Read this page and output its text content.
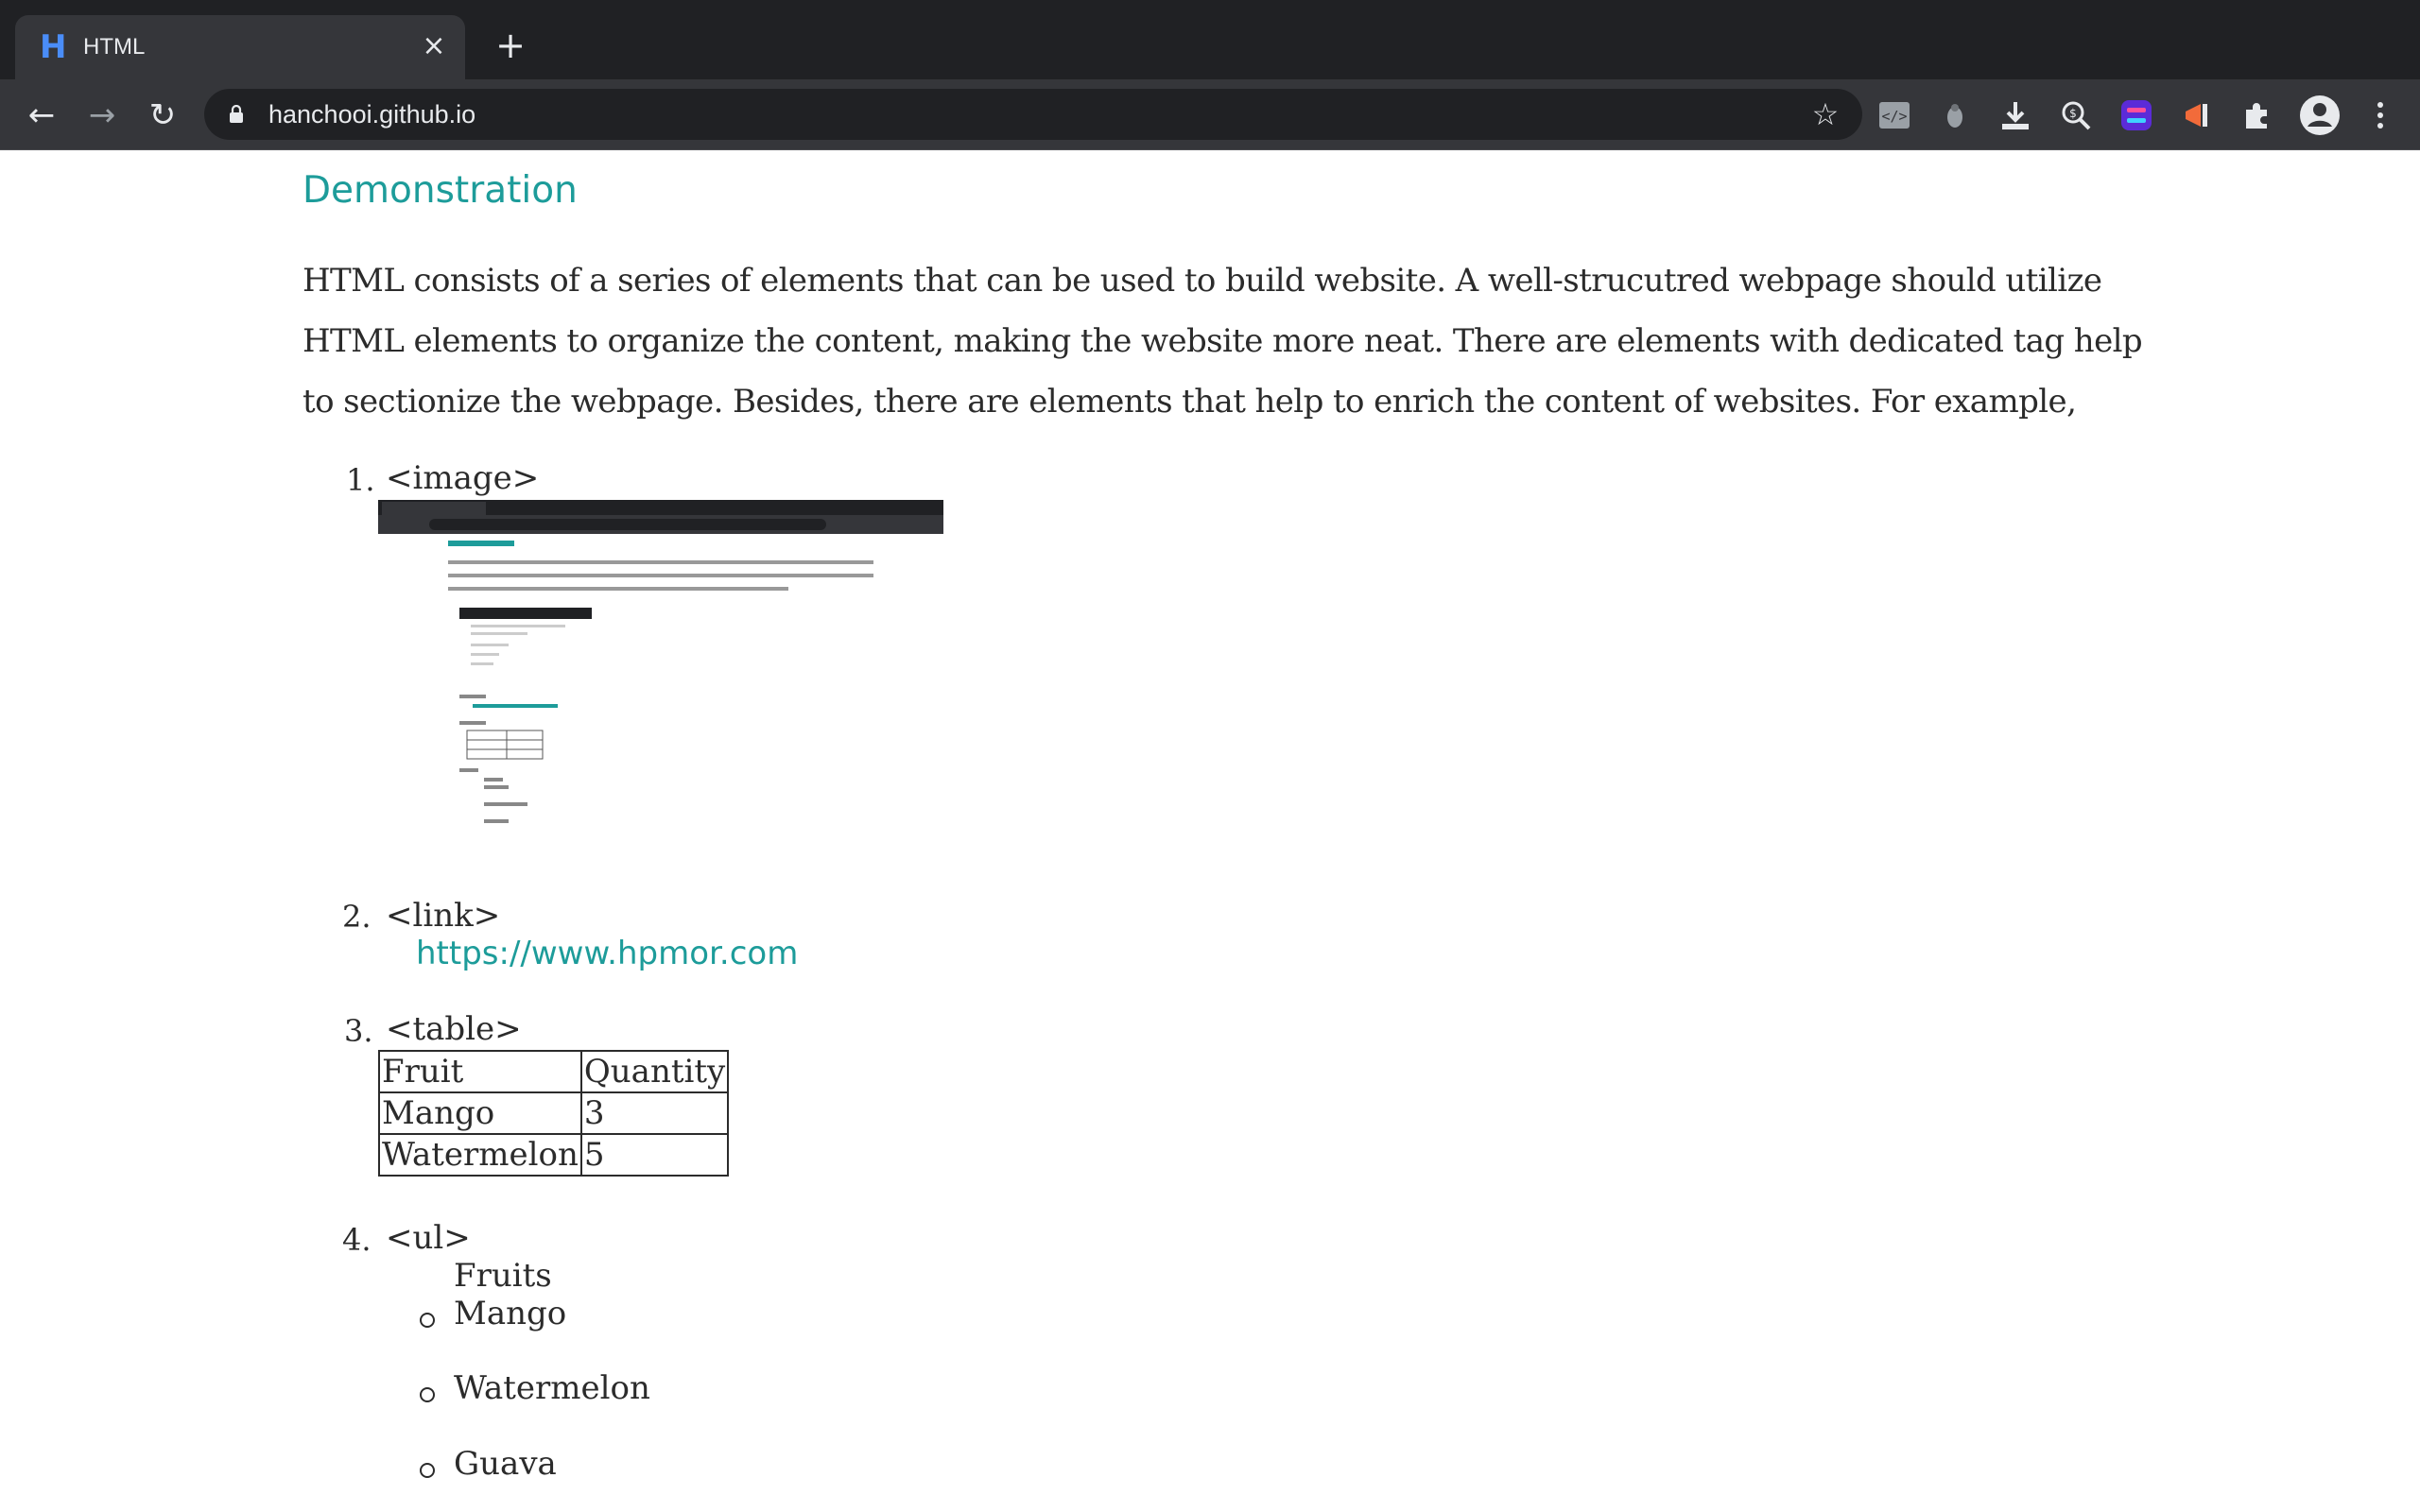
H HTML	× +
← → ↻	hanchooi.github.io	☆	</>	$
Demonstration
HTML consists of a series of elements that can be used to build website. A well-strucutred webpage should utilize HTML elements to organize the content, making the website more neat. There are elements with dedicated tag help to sectionize the webpage. Besides, there are elements that help to enrich the content of websites. For example,
1. <image>
2. <link>
https://www.hpmor.com
3. <table>
Fruit	Quantity
Mango	3
Watermelon	5
4. <ul>
Fruits
Mango
Watermelon
Guava
